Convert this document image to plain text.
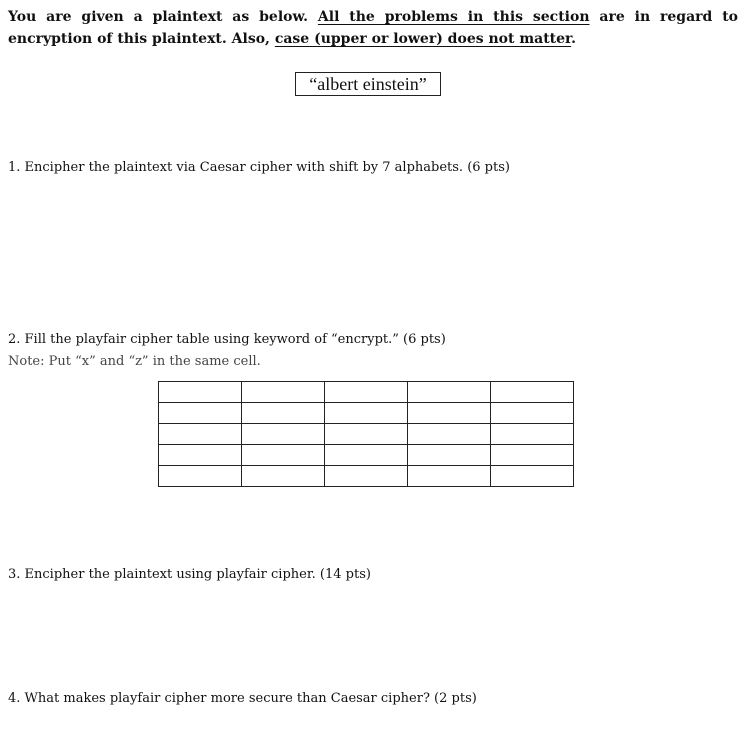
You are given a plaintext as below. All the problems in this section are in regard to encryption of this plaintext. Also, case (upper or lower) does not matter.
“albert einstein”
1. Encipher the plaintext via Caesar cipher with shift by 7 alphabets. (6 pts)
2. Fill the playfair cipher table using keyword of “encrypt.” (6 pts)
Note: Put “x” and “z” in the same cell.

3. Encipher the plaintext using playfair cipher. (14 pts)
4. What makes playfair cipher more secure than Caesar cipher? (2 pts)
